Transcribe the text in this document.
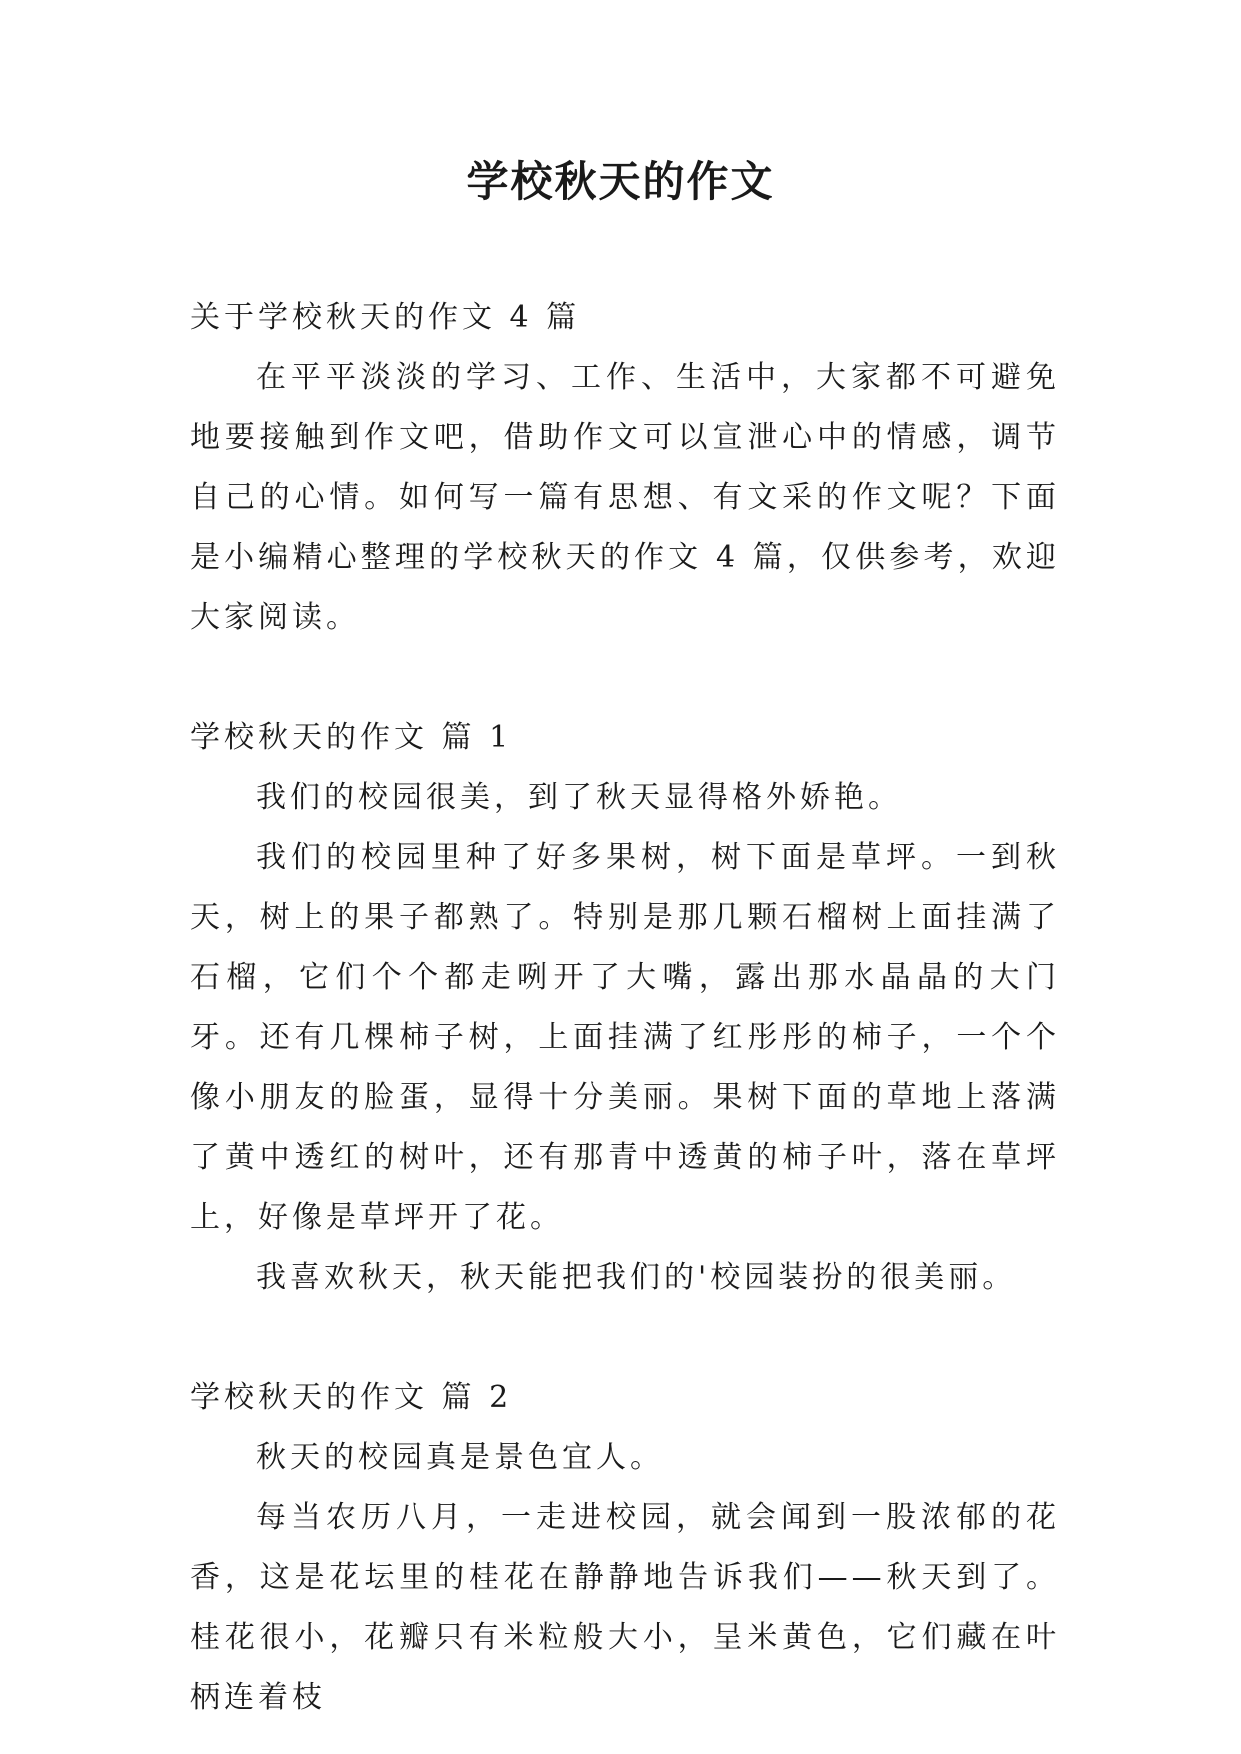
学校秋天的作文

关于学校秋天的作文 4 篇

在平平淡淡的学习、工作、生活中，大家都不可避免地要接触到作文吧，借助作文可以宣泄心中的情感，调节自己的心情。如何写一篇有思想、有文采的作文呢？下面是小编精心整理的学校秋天的作文 4 篇，仅供参考，欢迎大家阅读。

学校秋天的作文 篇 1

我们的校园很美，到了秋天显得格外娇艳。

我们的校园里种了好多果树，树下面是草坪。一到秋天，树上的果子都熟了。特别是那几颗石榴树上面挂满了石榴，它们个个都走咧开了大嘴，露出那水晶晶的大门牙。还有几棵柿子树，上面挂满了红彤彤的柿子，一个个像小朋友的脸蛋，显得十分美丽。果树下面的草地上落满了黄中透红的树叶，还有那青中透黄的柿子叶，落在草坪上，好像是草坪开了花。

我喜欢秋天，秋天能把我们的'校园装扮的很美丽。

学校秋天的作文 篇 2

秋天的校园真是景色宜人。

每当农历八月，一走进校园，就会闻到一股浓郁的花香，这是花坛里的桂花在静静地告诉我们——秋天到了。桂花很小，花瓣只有米粒般大小，呈米黄色，它们藏在叶柄连着枝
